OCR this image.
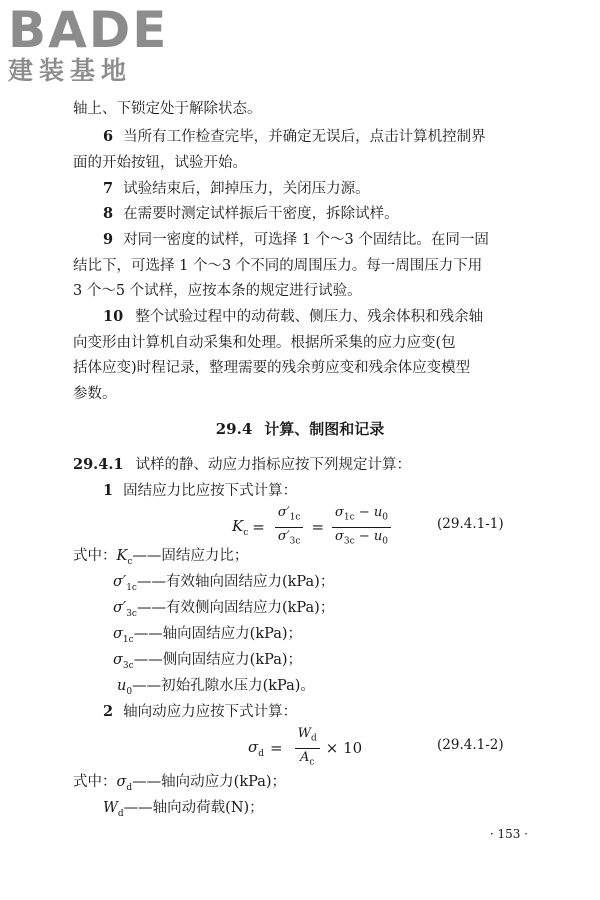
BADE
建装基地
轴上、下锁定处于解除状态。
6 当所有工作检查完毕，并确定无误后，点击计算机控制界
面的开始按钮，试验开始。
7 试验结束后，卸掉压力，关闭压力源。
8 在需要时测定试样振后干密度，拆除试样。
9 对同一密度的试样，可选择 1 个～3 个固结比。在同一固
结比下，可选择 1 个～3 个不同的周围压力。每一周围压力下用
3 个～5 个试样，应按本条的规定进行试验。
10 整个试验过程中的动荷载、侧压力、残余体积和残余轴
向变形由计算机自动采集和处理。根据所采集的应力应变(包
括体应变)时程记录，整理需要的残余剪应变和残余体应变模型
参数。
29.4 计算、制图和记录
29.4.1 试样的静、动应力指标应按下列规定计算：
1 固结应力比应按下式计算：
$K_c = \frac{\sigma'_{1c}}{\sigma'_{3c}} = \frac{\sigma_{1c} - u_0}{\sigma_{3c} - u_0}$	(29.4.1-1)
式中：$K_c——$固结应力比；
$\sigma'_{1c}——$有效轴向固结应力(kPa)；
$\sigma'_{3c}——$有效侧向固结应力(kPa)；
$\sigma_{1c}——$轴向固结应力(kPa)；
$\sigma_{3c}——$侧向固结应力(kPa)；
$u_0——$初始孔隙水压力(kPa)。
2 轴向动应力应按下式计算：
$\sigma_d = \frac{W_d}{A_c} \times 10$	(29.4.1-2)
式中：$\sigma_d——$轴向动应力(kPa)；
$W_d——$轴向动荷载(N)；
· 153 ·
